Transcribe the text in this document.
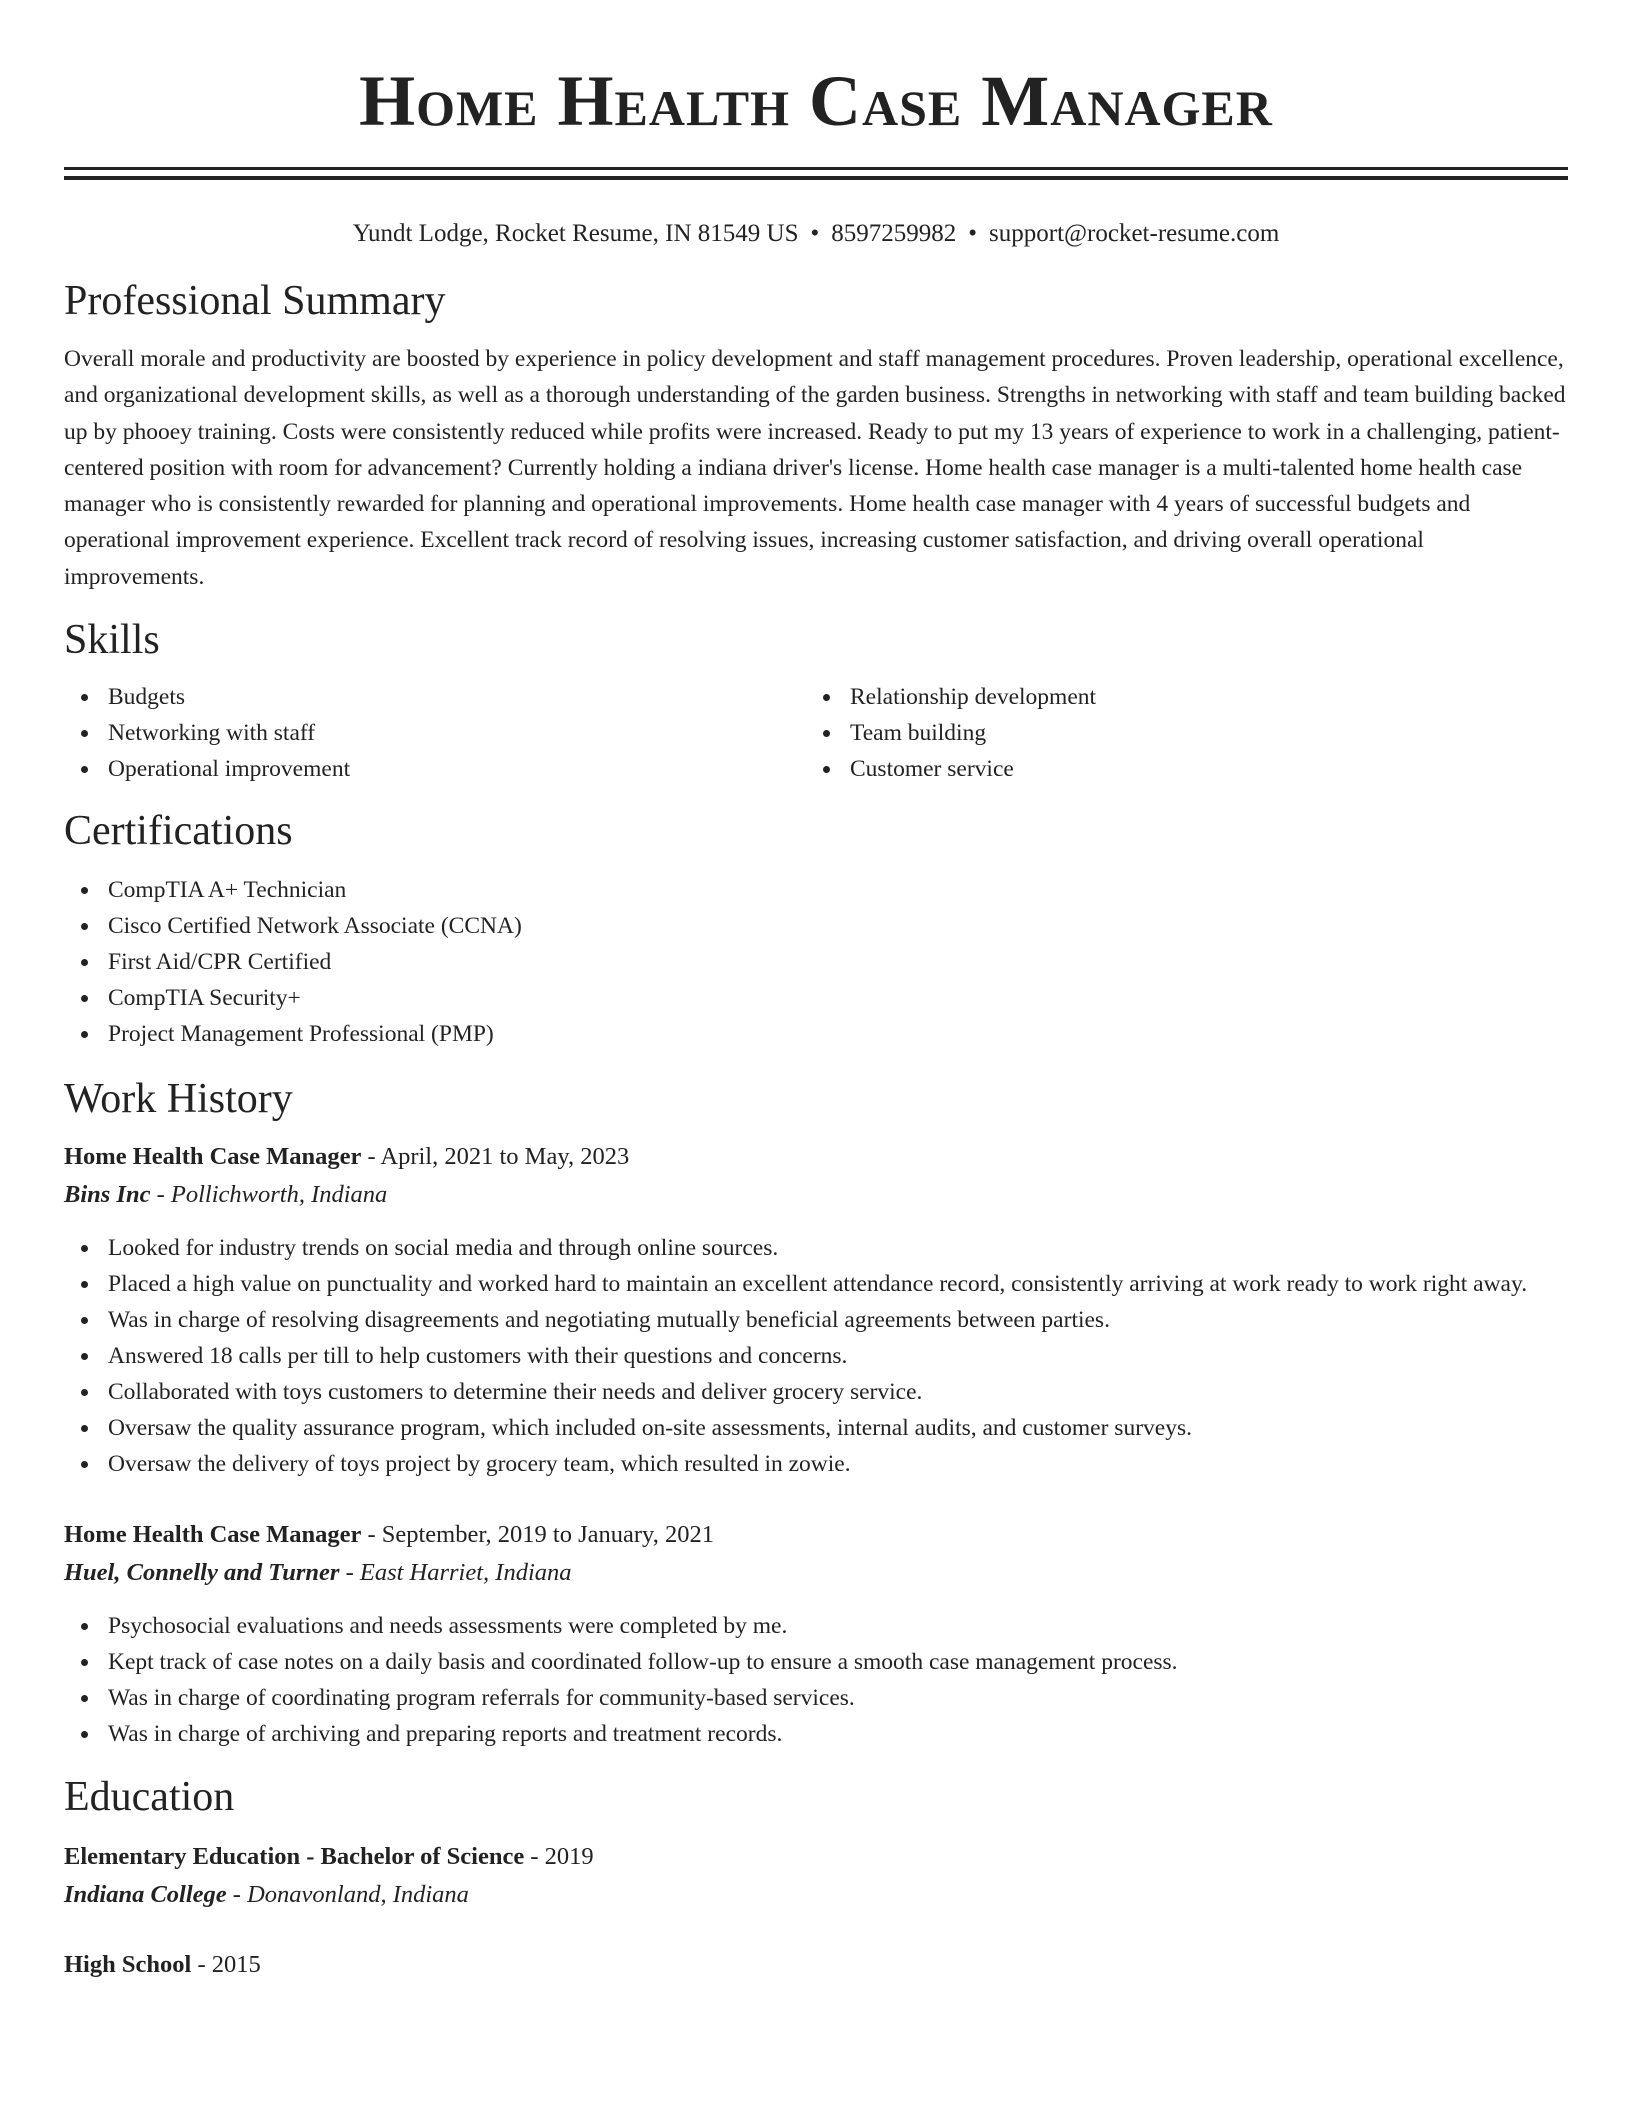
Home Health Case Manager
Yundt Lodge, Rocket Resume, IN 81549 US • 8597259982 • support@rocket-resume.com
Professional Summary

Overall morale and productivity are boosted by experience in policy development and staff management procedures. Proven leadership, operational excellence, and organizational development skills, as well as a thorough understanding of the garden business. Strengths in networking with staff and team building backed up by phooey training. Costs were consistently reduced while profits were increased. Ready to put my 13 years of experience to work in a challenging, patient-centered position with room for advancement? Currently holding a indiana driver's license. Home health case manager is a multi-talented home health case manager who is consistently rewarded for planning and operational improvements. Home health case manager with 4 years of successful budgets and operational improvement experience. Excellent track record of resolving issues, increasing customer satisfaction, and driving overall operational improvements.

Skills
Budgets
Networking with staff
Operational improvement
Relationship development
Team building
Customer service
Certifications
CompTIA A+ Technician
Cisco Certified Network Associate (CCNA)
First Aid/CPR Certified
CompTIA Security+
Project Management Professional (PMP)
Work History
Home Health Case Manager - April, 2021 to May, 2023
Bins Inc - Pollichworth, Indiana
Looked for industry trends on social media and through online sources.
Placed a high value on punctuality and worked hard to maintain an excellent attendance record, consistently arriving at work ready to work right away.
Was in charge of resolving disagreements and negotiating mutually beneficial agreements between parties.
Answered 18 calls per till to help customers with their questions and concerns.
Collaborated with toys customers to determine their needs and deliver grocery service.
Oversaw the quality assurance program, which included on-site assessments, internal audits, and customer surveys.
Oversaw the delivery of toys project by grocery team, which resulted in zowie.
Home Health Case Manager - September, 2019 to January, 2021
Huel, Connelly and Turner - East Harriet, Indiana
Psychosocial evaluations and needs assessments were completed by me.
Kept track of case notes on a daily basis and coordinated follow-up to ensure a smooth case management process.
Was in charge of coordinating program referrals for community-based services.
Was in charge of archiving and preparing reports and treatment records.
Education
Elementary Education - Bachelor of Science - 2019
Indiana College - Donavonland, Indiana
High School - 2015
